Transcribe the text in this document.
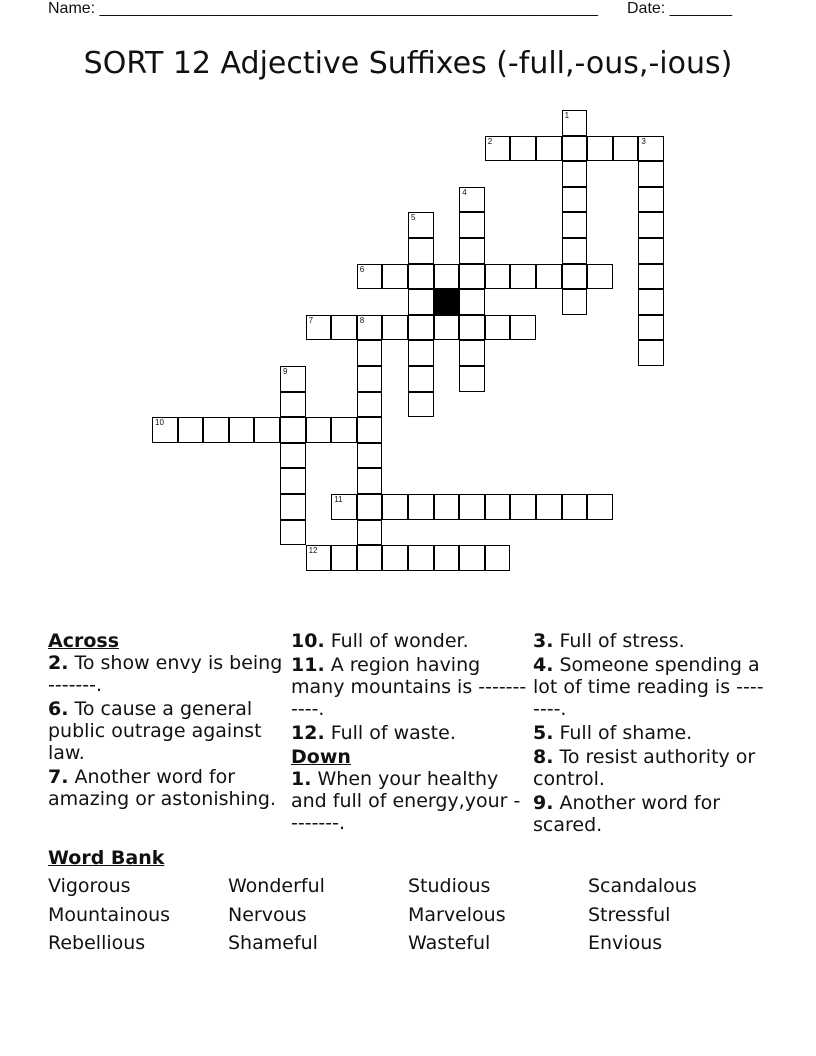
Name: ________________________________________________________ Date: _______
SORT 12 Adjective Suffixes (-full,-ous,-ious)
1
2	3
4
5
6
7	8
9
10
11
12
Across
2. To show envy is being -------.
6. To cause a general public outrage against law.
7. Another word for amazing or astonishing.
10. Full of wonder.
11. A region having many mountains is -----------.
12. Full of waste.
Down
1. When your healthy and full of energy,your --------.
3. Full of stress.
4. Someone spending a lot of time reading is --------.
5. Full of shame.
8. To resist authority or control.
9. Another word for scared.
Word Bank
Vigorous	Wonderful	Studious	Scandalous
Mountainous	Nervous	Marvelous	Stressful
Rebellious	Shameful	Wasteful	Envious
